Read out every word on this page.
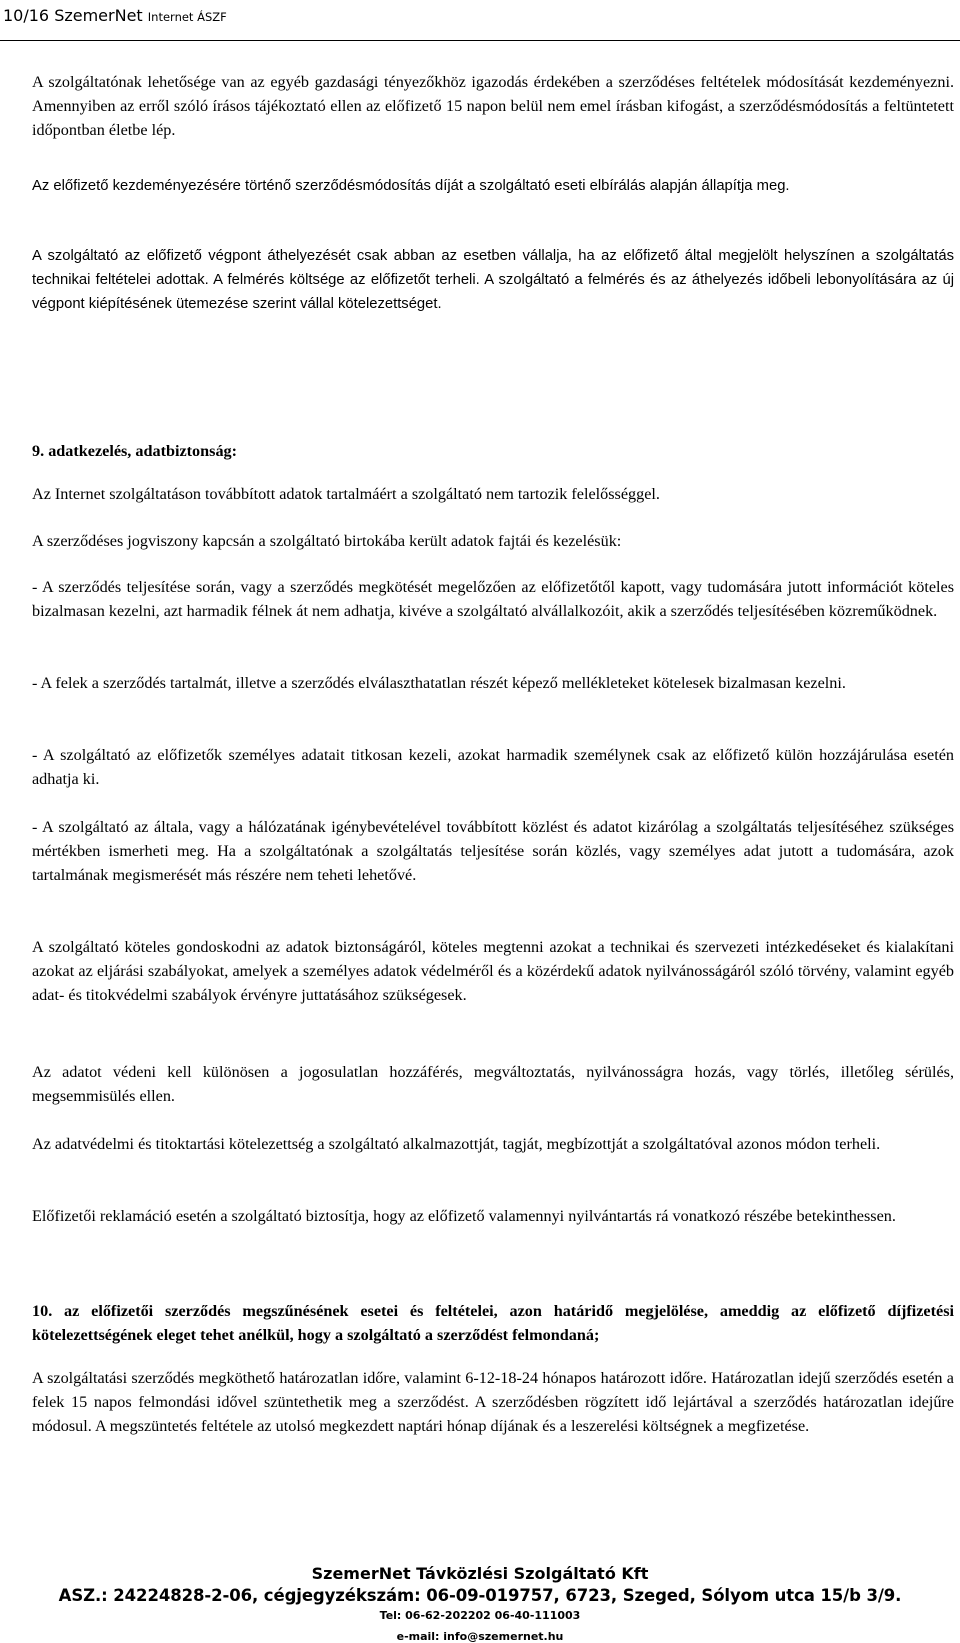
10/16 SzemerNet Internet ÁSZF

A szolgáltatónak lehetősége van az egyéb gazdasági tényezőkhöz igazodás érdekében a szerződéses feltételek módosítását kezdeményezni. Amennyiben az erről szóló írásos tájékoztató ellen az előfizető 15 napon belül nem emel írásban kifogást, a szerződésmódosítás a feltüntetett időpontban életbe lép.

Az előfizető kezdeményezésére történő szerződésmódosítás díját a szolgáltató eseti elbírálás alapján állapítja meg.

A szolgáltató az előfizető végpont áthelyezését csak abban az esetben vállalja, ha az előfizető által megjelölt helyszínen a szolgáltatás technikai feltételei adottak. A felmérés költsége az előfizetőt terheli. A szolgáltató a felmérés és az áthelyezés időbeli lebonyolítására az új végpont kiépítésének ütemezése szerint vállal kötelezettséget.

9. adatkezelés, adatbiztonság:

Az Internet szolgáltatáson továbbított adatok tartalmáért a szolgáltató nem tartozik felelősséggel.

A szerződéses jogviszony kapcsán a szolgáltató birtokába került adatok fajtái és kezelésük:

- A szerződés teljesítése során, vagy a szerződés megkötését megelőzően az előfizetőtől kapott, vagy tudomására jutott információt köteles bizalmasan kezelni, azt harmadik félnek át nem adhatja, kivéve a szolgáltató alvállalkozóit, akik a szerződés teljesítésében közreműködnek.

- A felek a szerződés tartalmát, illetve a szerződés elválaszthatatlan részét képező mellékleteket kötelesek bizalmasan kezelni.

- A szolgáltató az előfizetők személyes adatait titkosan kezeli, azokat harmadik személynek csak az előfizető külön hozzájárulása esetén adhatja ki.

- A szolgáltató az általa, vagy a hálózatának igénybevételével továbbított közlést és adatot kizárólag a szolgáltatás teljesítéséhez szükséges mértékben ismerheti meg. Ha a szolgáltatónak a szolgáltatás teljesítése során közlés, vagy személyes adat jutott a tudomására, azok tartalmának megismerését más részére nem teheti lehetővé.

A szolgáltató köteles gondoskodni az adatok biztonságáról, köteles megtenni azokat a technikai és szervezeti intézkedéseket és kialakítani azokat az eljárási szabályokat, amelyek a személyes adatok védelméről és a közérdekű adatok nyilvánosságáról szóló törvény, valamint egyéb adat- és titokvédelmi szabályok érvényre juttatásához szükségesek.

Az adatot védeni kell különösen a jogosulatlan hozzáférés, megváltoztatás, nyilvánosságra hozás, vagy törlés, illetőleg sérülés, megsemmisülés ellen.

Az adatvédelmi és titoktartási kötelezettség a szolgáltató alkalmazottját, tagját, megbízottját a szolgáltatóval azonos módon terheli.

Előfizetői reklamáció esetén a szolgáltató biztosítja, hogy az előfizető valamennyi nyilvántartás rá vonatkozó részébe betekinthessen.

10. az előfizetői szerződés megszűnésének esetei és feltételei, azon határidő megjelölése, ameddig az előfizető díjfizetési kötelezettségének eleget tehet anélkül, hogy a szolgáltató a szerződést felmondaná;

A szolgáltatási szerződés megköthető határozatlan időre, valamint 6-12-18-24 hónapos határozott időre. Határozatlan idejű szerződés esetén a felek 15 napos felmondási idővel szüntethetik meg a szerződést. A szerződésben rögzített idő lejártával a szerződés határozatlan idejűre módosul. A megszüntetés feltétele az utolsó megkezdett naptári hónap díjának és a leszerelési költségnek a megfizetése.

SzemerNet Távközlési Szolgáltató Kft
ASZ.: 24224828-2-06, cégjegyzékszám: 06-09-019757, 6723, Szeged, Sólyom utca 15/b 3/9.
Tel: 06-62-202202 06-40-111003
e-mail: info@szemernet.hu
